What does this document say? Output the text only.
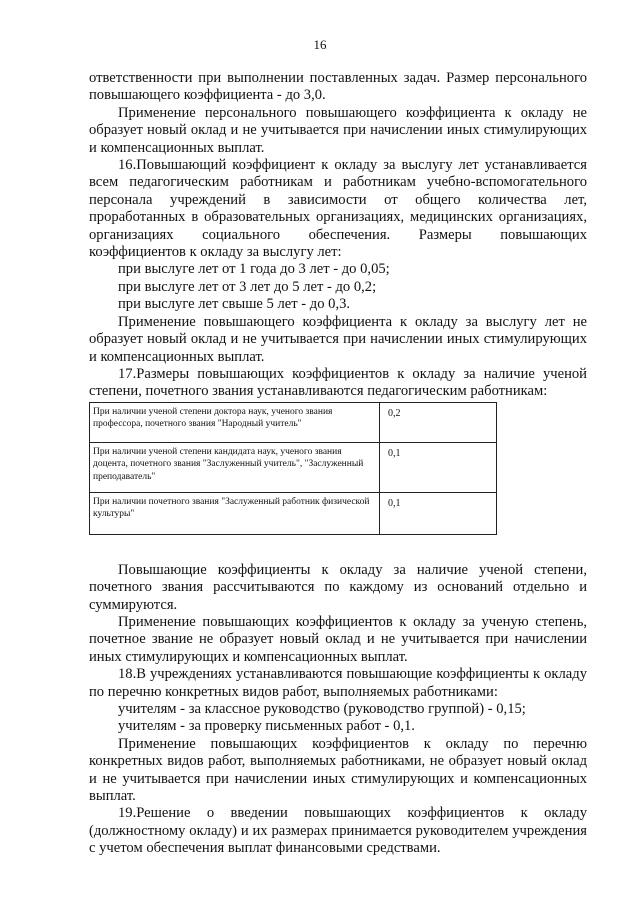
16

ответственности при выполнении поставленных задач. Размер персонального повышающего коэффициента - до 3,0.

Применение персонального повышающего коэффициента к окладу не образует новый оклад и не учитывается при начислении иных стимулирующих и компенсационных выплат.

16.Повышающий коэффициент к окладу за выслугу лет устанавливается всем педагогическим работникам и работникам учебно-вспомогательного персонала учреждений в зависимости от общего количества лет, проработанных в образовательных организациях, медицинских организациях, организациях социального обеспечения. Размеры повышающих коэффициентов к окладу за выслугу лет:

при выслуге лет от 1 года до 3 лет - до 0,05;
при выслуге лет от 3 лет до 5 лет - до 0,2;
при выслуге лет свыше 5 лет - до 0,3.

Применение повышающего коэффициента к окладу за выслугу лет не образует новый оклад и не учитывается при начислении иных стимулирующих и компенсационных выплат.

17.Размеры повышающих коэффициентов к окладу за наличие ученой степени, почетного звания устанавливаются педагогическим работникам:

При наличии ученой степени доктора наук, ученого звания профессора, почетного звания "Народный учитель"	0,2
При наличии ученой степени кандидата наук, ученого звания доцента, почетного звания "Заслуженный учитель", "Заслуженный преподаватель"	0,1
При наличии почетного звания "Заслуженный работник физической культуры"	0,1

Повышающие коэффициенты к окладу за наличие ученой степени, почетного звания рассчитываются по каждому из оснований отдельно и суммируются.

Применение повышающих коэффициентов к окладу за ученую степень, почетное звание не образует новый оклад и не учитывается при начислении иных стимулирующих и компенсационных выплат.

18.В учреждениях устанавливаются повышающие коэффициенты к окладу по перечню конкретных видов работ, выполняемых работниками:

учителям - за классное руководство (руководство группой) - 0,15;
учителям - за проверку письменных работ - 0,1.

Применение повышающих коэффициентов к окладу по перечню конкретных видов работ, выполняемых работниками, не образует новый оклад и не учитывается при начислении иных стимулирующих и компенсационных выплат.

19.Решение о введении повышающих коэффициентов к окладу (должностному окладу) и их размерах принимается руководителем учреждения с учетом обеспечения выплат финансовыми средствами.
